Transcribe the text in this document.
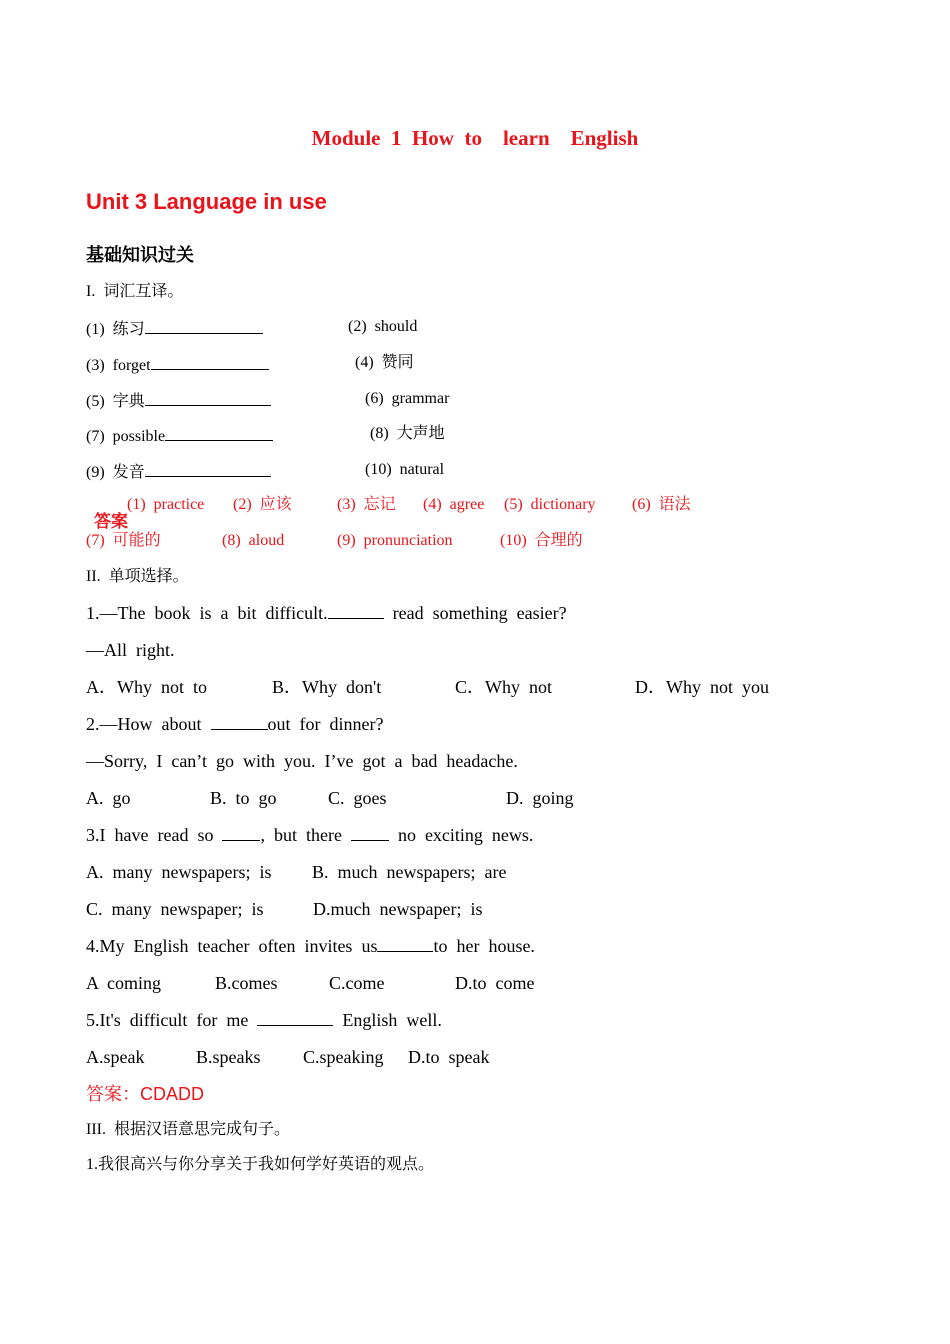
Module  1  How  to    learn    English
Unit 3 Language in use
基础知识过关
I.  词汇互译。
(1)  练习	(2)  should
(3)  forget	(4)  赞同
(5)  字典	(6)  grammar
(7)  possible	(8)  大声地
(9)  发音	(10)  natural

答案

(1)  practice (2)  应该	(3)  忘记 (4)  agree (5)  dictionary (6)  语法
(7)  可能的	(8)  aloud	(9)  pronunciation	(10)  合理的
II.  单项选择。
1.—The  book  is  a  bit  difficult.	read  something  easier?
—All  right.
A．Why  not  to	B．Why  don't	C．Why  not	D．Why  not  you
2.—How  about	out  for  dinner?
—Sorry,  I  can’t  go  with  you.  I’ve  got  a  bad  headache.
A.  go	B.  to  go	C.  goes	D.  going
3.I  have  read  so  ,  but  there    no  exciting  news.
A.  many  newspapers;  is B.  much  newspapers;  are
C.  many  newspaper;  is	D.much  newspaper;  is
4.My  English  teacher  often  invites  us	to  her  house.
A  coming	B.comes	C.come	D.to  come
5.It's  difficult  for  me	English  well.
A.speak	B.speaks C.speaking D.to  speak
答案：CDADD
III.  根据汉语意思完成句子。
1.我很高兴与你分享关于我如何学好英语的观点。
